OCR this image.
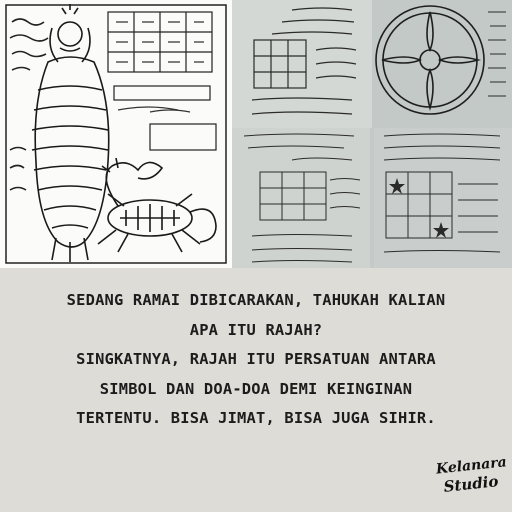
SEDANG RAMAI DIBICARAKAN, TAHUKAH KALIAN
APA ITU RAJAH?
SINGKATNYA, RAJAH ITU PERSATUAN ANTARA
SIMBOL DAN DOA-DOA DEMI KEINGINAN
TERTENTU. BISA JIMAT, BISA JUGA SIHIR.
Kelanara
Studio
